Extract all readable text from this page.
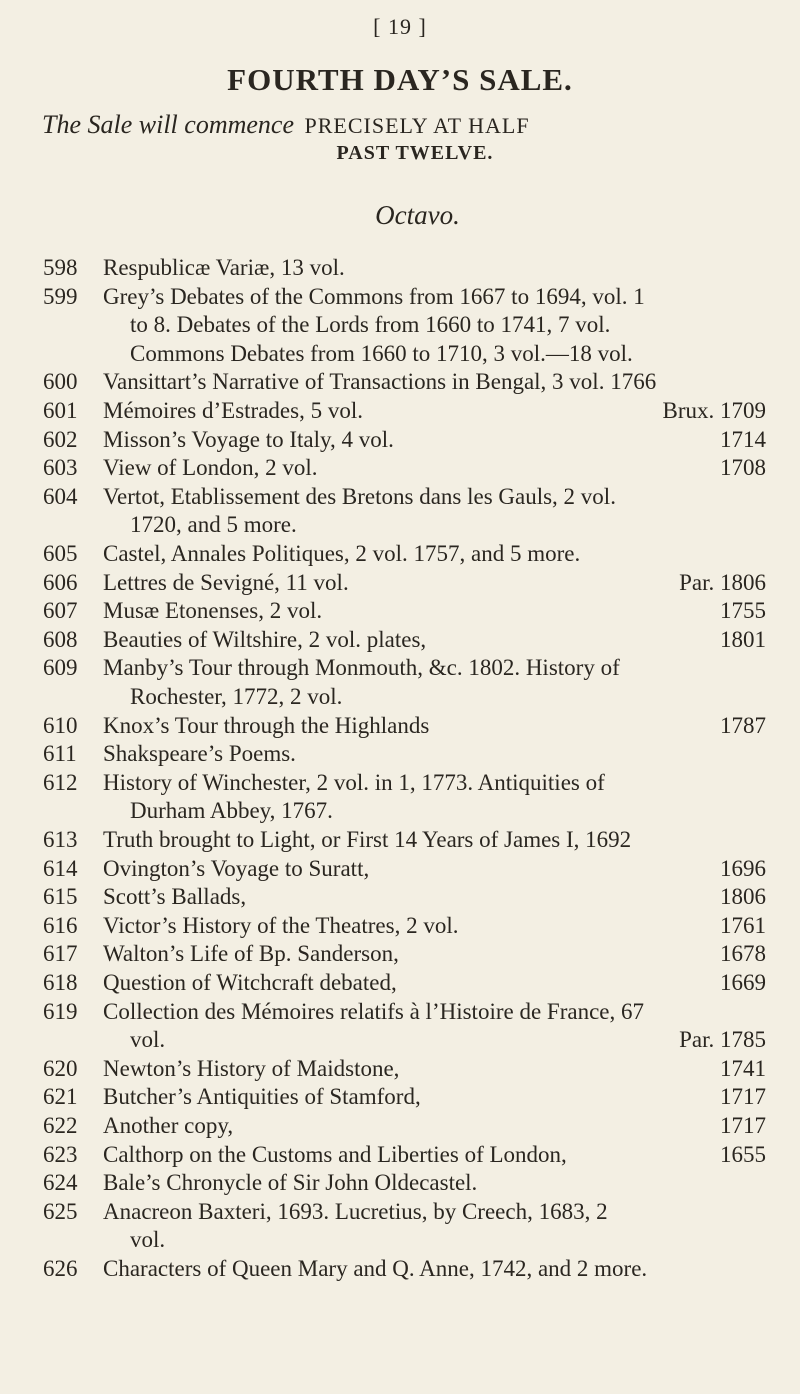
[ 19 ]
FOURTH DAY’S SALE.
The Sale will commence PRECISELY AT HALF
PAST TWELVE.
Octavo.
598	Respublicæ Variæ, 13 vol.
599	Grey’s Debates of the Commons from 1667 to 1694, vol. 1
to 8. Debates of the Lords from 1660 to 1741, 7 vol.
Commons Debates from 1660 to 1710, 3 vol.—18 vol.
600	Vansittart’s Narrative of Transactions in Bengal, 3 vol. 1766
601	Mémoires d’Estrades, 5 vol.	Brux. 1709
602	Misson’s Voyage to Italy, 4 vol.	1714
603	View of London, 2 vol.	1708
604	Vertot, Etablissement des Bretons dans les Gauls, 2 vol.
1720, and 5 more.
605	Castel, Annales Politiques, 2 vol. 1757, and 5 more.
606	Lettres de Sevigné, 11 vol.	Par. 1806
607	Musæ Etonenses, 2 vol.	1755
608	Beauties of Wiltshire, 2 vol. plates,	1801
609	Manby’s Tour through Monmouth, &c. 1802. History of
Rochester, 1772, 2 vol.
610	Knox’s Tour through the Highlands	1787
611	Shakspeare’s Poems.
612	History of Winchester, 2 vol. in 1, 1773. Antiquities of
Durham Abbey, 1767.
613	Truth brought to Light, or First 14 Years of James I, 1692
614	Ovington’s Voyage to Suratt,	1696
615	Scott’s Ballads,	1806
616	Victor’s History of the Theatres, 2 vol.	1761
617	Walton’s Life of Bp. Sanderson,	1678
618	Question of Witchcraft debated,	1669
619	Collection des Mémoires relatifs à l’Histoire de France, 67
vol.	Par. 1785
620	Newton’s History of Maidstone,	1741
621	Butcher’s Antiquities of Stamford,	1717
622	Another copy,	1717
623	Calthorp on the Customs and Liberties of London,	1655
624	Bale’s Chronycle of Sir John Oldecastel.
625	Anacreon Baxteri, 1693. Lucretius, by Creech, 1683, 2
vol.
626	Characters of Queen Mary and Q. Anne, 1742, and 2 more.
